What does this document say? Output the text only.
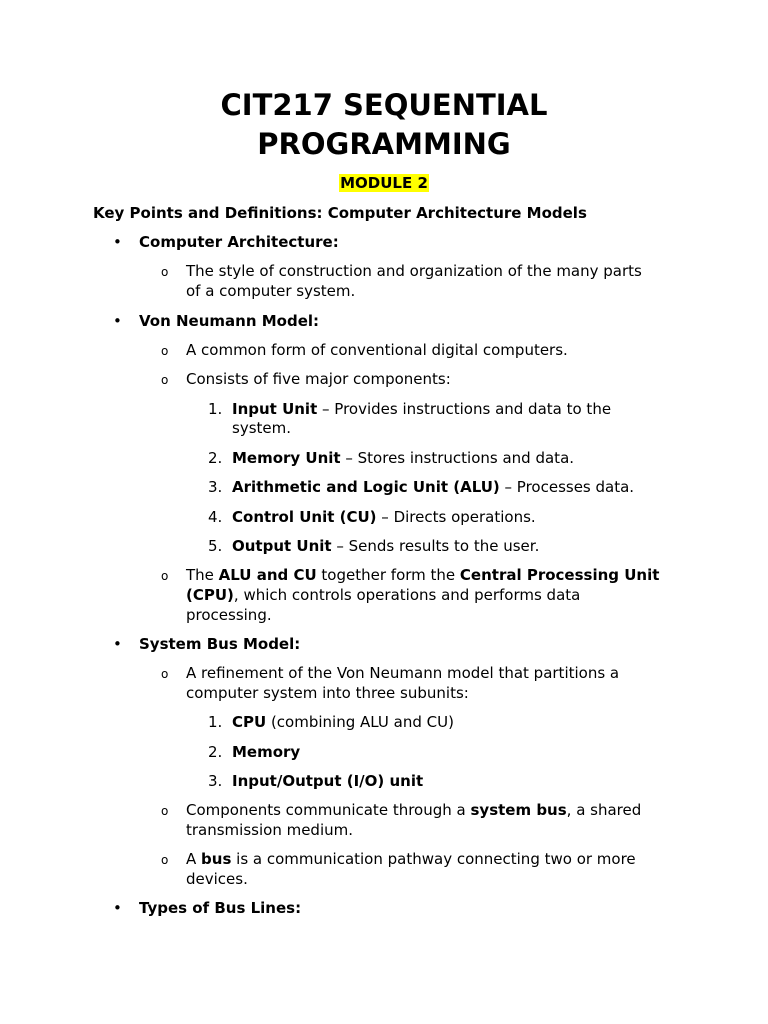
CIT217 SEQUENTIAL
PROGRAMMING
MODULE 2
Key Points and Definitions: Computer Architecture Models
• Computer Architecture:
o The style of construction and organization of the many parts
of a computer system.
• Von Neumann Model:
o A common form of conventional digital computers.
o Consists of five major components:
1. Input Unit – Provides instructions and data to the
system.
2. Memory Unit – Stores instructions and data.
3. Arithmetic and Logic Unit (ALU) – Processes data.
4. Control Unit (CU) – Directs operations.
5. Output Unit – Sends results to the user.
o The ALU and CU together form the Central Processing Unit
(CPU), which controls operations and performs data
processing.
• System Bus Model:
o A refinement of the Von Neumann model that partitions a
computer system into three subunits:
1. CPU (combining ALU and CU)
2. Memory
3. Input/Output (I/O) unit
o Components communicate through a system bus, a shared
transmission medium.
o A bus is a communication pathway connecting two or more
devices.
• Types of Bus Lines:
